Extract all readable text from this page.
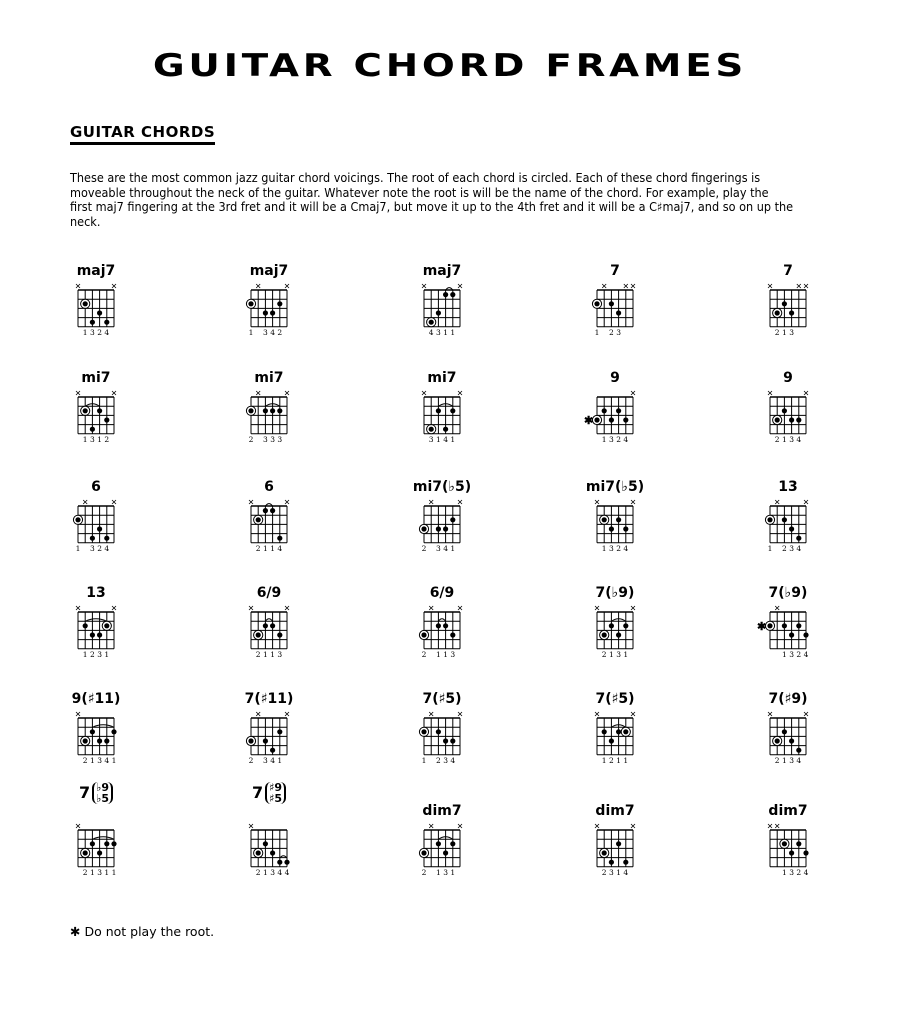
GUITAR CHORD FRAMES
GUITAR CHORDS
These are the most common jazz guitar chord voicings. The root of each chord is circled. Each of these chord fingerings is moveable throughout the neck of the guitar. Whatever note the root is will be the name of the chord. For example, play the first maj7 fingering at the 3rd fret and it will be a Cmaj7, but move it up to the 4th fret and it will be a C♯maj7, and so on up the neck.
maj7
1 3 2 4
maj7
1 3 4 2
maj7
4 3 1 1
7
1 2 3
7
2 1 3
mi7
1 3 1 2
mi7
2 3 3 3
mi7
3 1 4 1
9
✱
1 3 2 4
9
2 1 3 4
6
1 3 2 4
6
2 1 1 4
mi7(♭5)
2 3 4 1
mi7(♭5)
1 3 2 4
13
1 2 3 4
13
1 2 3 1
6/9
2 1 1 3
6/9
2 1 1 3
7(♭9)
2 1 3 1
7(♭9)
✱
1 3 2 4
9(♯11)
2 1 3 4 1
7(♯11)
2 3 4 1
7(♯5)
1 2 3 4
7(♯5)
1 2 1 1
7(♯9)
2 1 3 4
7 ♭9
♭5
2 1 3 1 1
7 ♯9
♯5
2 1 3 4 4
dim7
2 1 3 1
dim7
2 3 1 4
dim7
1 3 2 4
✱ Do not play the root.
